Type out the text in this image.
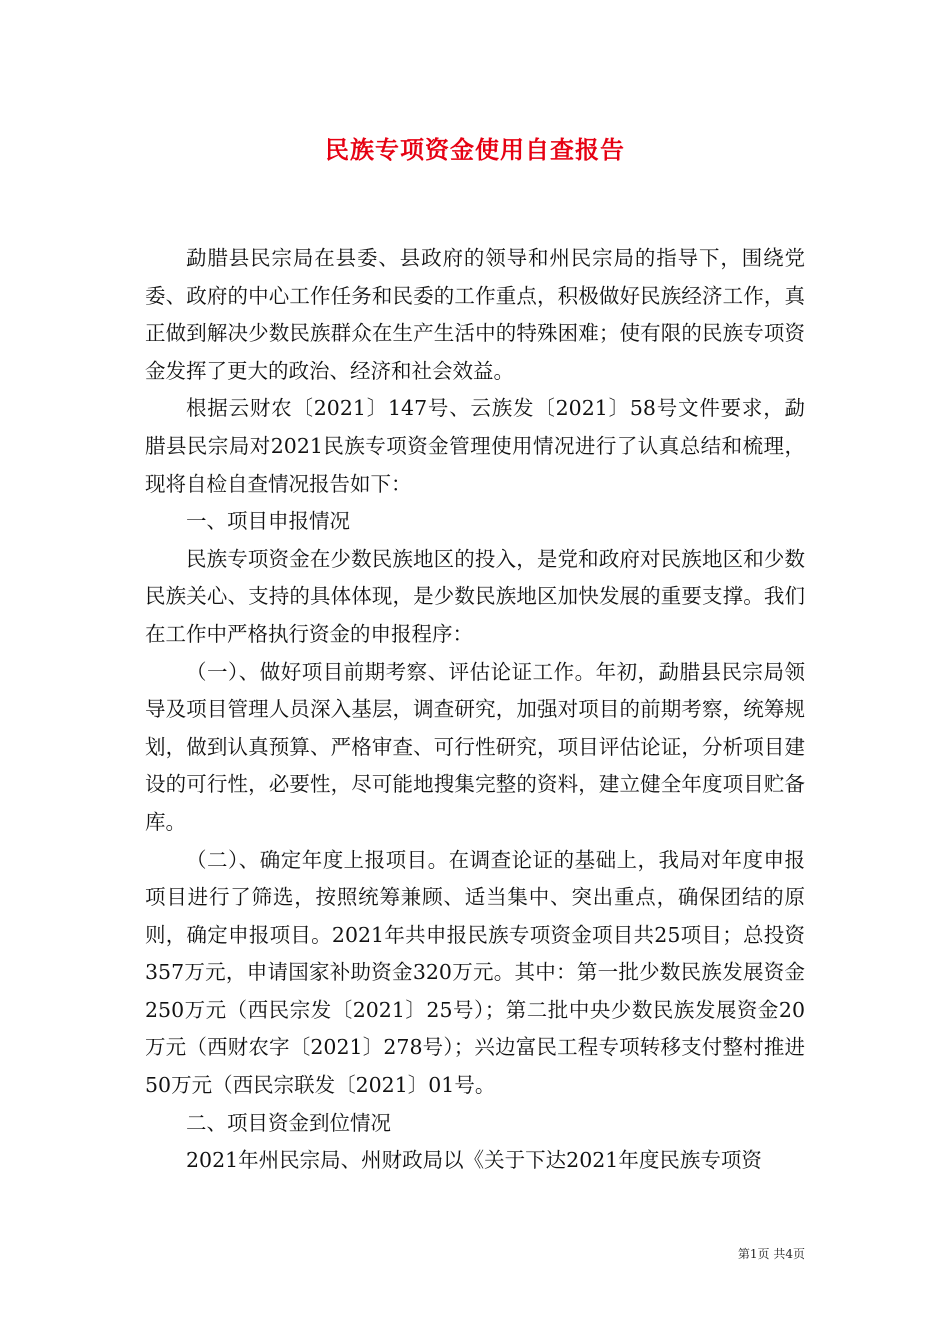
民族专项资金使用自查报告

勐腊县民宗局在县委、县政府的领导和州民宗局的指导下，围绕党委、政府的中心工作任务和民委的工作重点，积极做好民族经济工作，真正做到解决少数民族群众在生产生活中的特殊困难；使有限的民族专项资金发挥了更大的政治、经济和社会效益。

根据云财农〔2021〕147号、云族发〔2021〕58号文件要求，勐腊县民宗局对2021民族专项资金管理使用情况进行了认真总结和梳理，现将自检自查情况报告如下：

一、项目申报情况

民族专项资金在少数民族地区的投入，是党和政府对民族地区和少数民族关心、支持的具体体现，是少数民族地区加快发展的重要支撑。我们在工作中严格执行资金的申报程序：

（一）、做好项目前期考察、评估论证工作。年初，勐腊县民宗局领导及项目管理人员深入基层，调查研究，加强对项目的前期考察，统筹规划，做到认真预算、严格审查、可行性研究，项目评估论证，分析项目建设的可行性，必要性，尽可能地搜集完整的资料，建立健全年度项目贮备库。

（二）、确定年度上报项目。在调查论证的基础上，我局对年度申报项目进行了筛选，按照统筹兼顾、适当集中、突出重点，确保团结的原则，确定申报项目。2021年共申报民族专项资金项目共25项目；总投资357万元，申请国家补助资金320万元。其中：第一批少数民族发展资金250万元（西民宗发〔2021〕25号）；第二批中央少数民族发展资金20万元（西财农字〔2021〕278号）；兴边富民工程专项转移支付整村推进50万元（西民宗联发〔2021〕01号。

二、项目资金到位情况

2021年州民宗局、州财政局以《关于下达2021年度民族专项资

第1页 共4页
